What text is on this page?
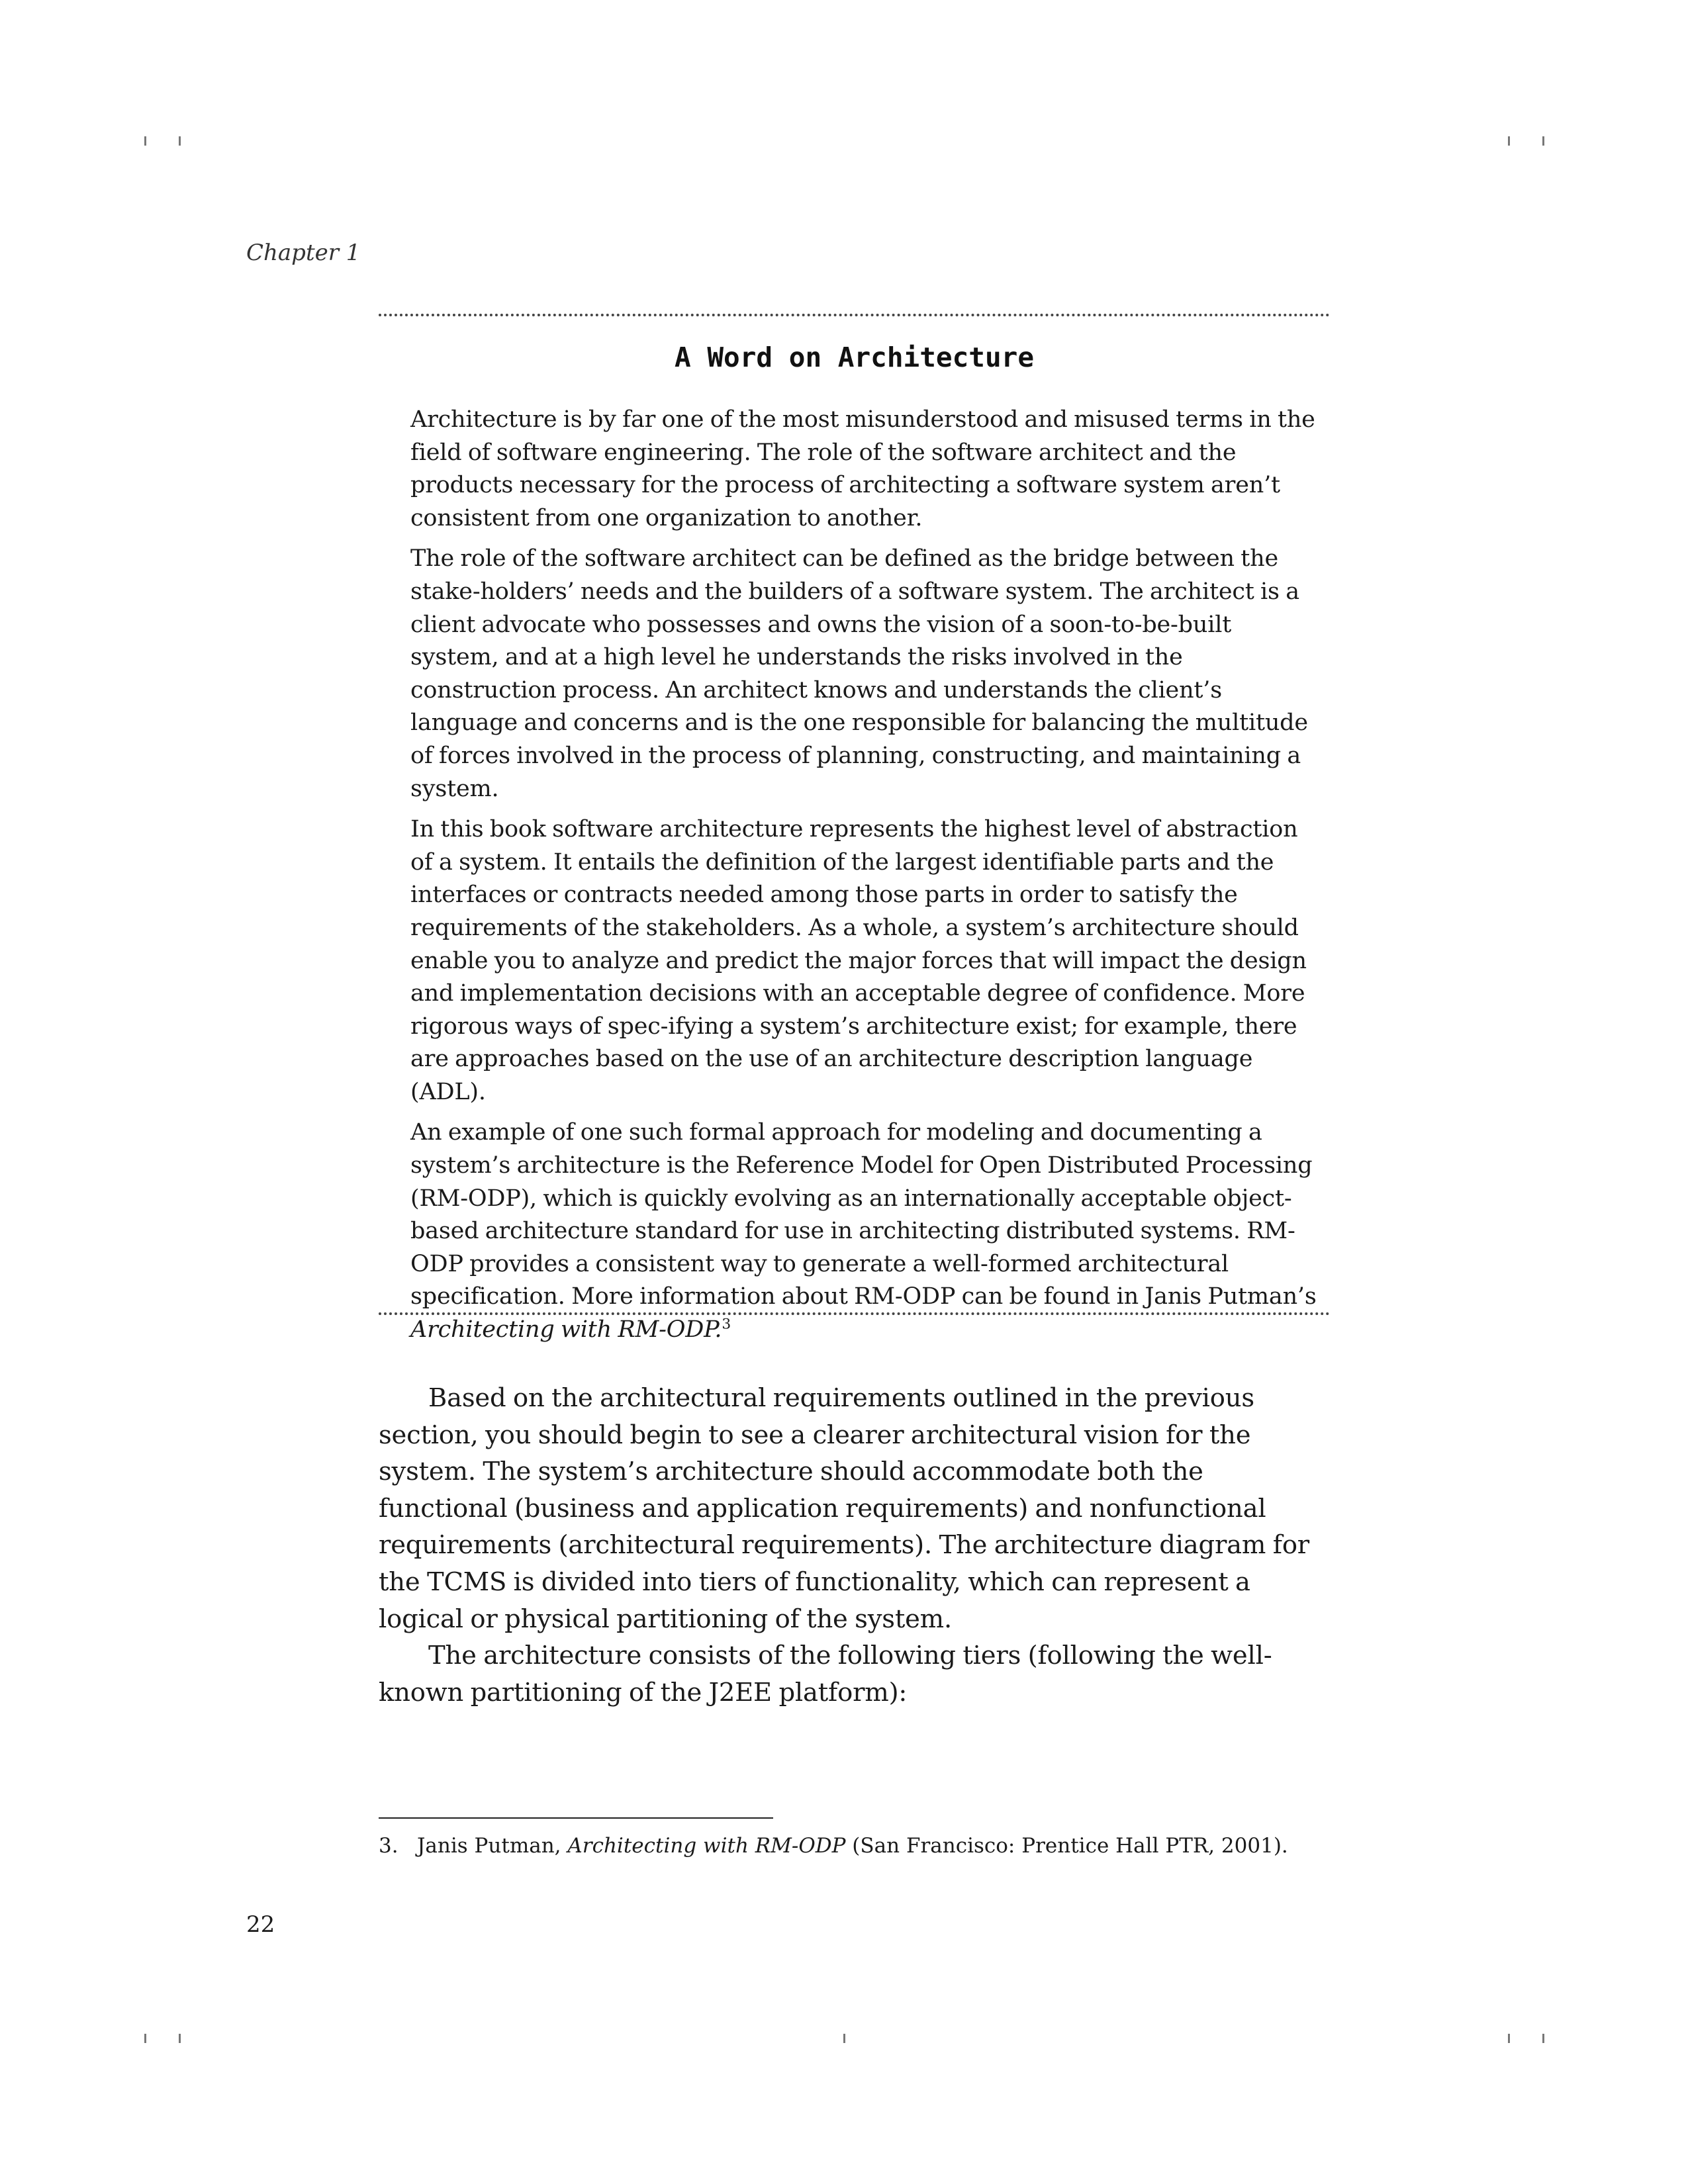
Chapter 1
A Word on Architecture

Architecture is by far one of the most misunderstood and misused terms in the field of software engineering. The role of the software architect and the products necessary for the process of architecting a software system aren’t consistent from one organization to another.

The role of the software architect can be defined as the bridge between the stake-holders’ needs and the builders of a software system. The architect is a client advocate who possesses and owns the vision of a soon-to-be-built system, and at a high level he understands the risks involved in the construction process. An architect knows and understands the client’s language and concerns and is the one responsible for balancing the multitude of forces involved in the process of planning, constructing, and maintaining a system.

In this book software architecture represents the highest level of abstraction of a system. It entails the definition of the largest identifiable parts and the interfaces or contracts needed among those parts in order to satisfy the requirements of the stakeholders. As a whole, a system’s architecture should enable you to analyze and predict the major forces that will impact the design and implementation decisions with an acceptable degree of confidence. More rigorous ways of spec-ifying a system’s architecture exist; for example, there are approaches based on the use of an architecture description language (ADL).

An example of one such formal approach for modeling and documenting a system’s architecture is the Reference Model for Open Distributed Processing (RM-ODP), which is quickly evolving as an internationally acceptable object-based architecture standard for use in architecting distributed systems. RM-ODP provides a consistent way to generate a well-formed architectural specification. More information about RM-ODP can be found in Janis Putman’s Architecting with RM-ODP.$^3$

Based on the architectural requirements outlined in the previous section, you should begin to see a clearer architectural vision for the system. The system’s architecture should accommodate both the functional (business and application requirements) and nonfunctional requirements (architectural requirements). The architecture diagram for the TCMS is divided into tiers of functionality, which can represent a logical or physical partitioning of the system.

The architecture consists of the following tiers (following the well-known partitioning of the J2EE platform):

3. Janis Putman, Architecting with RM-ODP (San Francisco: Prentice Hall PTR, 2001).
22
